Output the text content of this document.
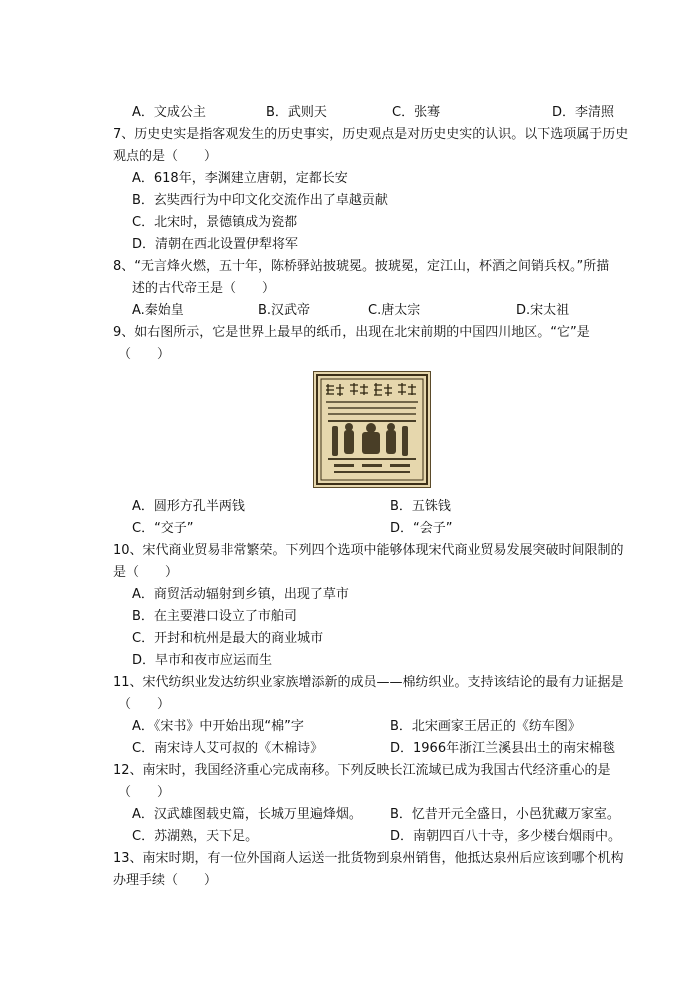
A．文成公主	B．武则天	C．张骞	D．李清照
7、历史史实是指客观发生的历史事实，历史观点是对历史史实的认识。以下选项属于历史
观点的是（　　）
A．618年，李渊建立唐朝，定都长安
B．玄奘西行为中印文化交流作出了卓越贡献
C．北宋时，景德镇成为瓷都
D．清朝在西北设置伊犁将军
8、“无言烽火燃，五十年，陈桥驿站披琥冕。披琥冕，定江山，杯酒之间销兵权。”所描
述的古代帝王是（　　）
A.秦始皇	B.汉武帝	C.唐太宗	D.宋太祖
9、如右图所示，它是世界上最早的纸币，出现在北宋前期的中国四川地区。“它”是
（　　）
A．圆形方孔半两钱	B．五铢钱
C．“交子”	D．“会子”
10、宋代商业贸易非常繁荣。下列四个选项中能够体现宋代商业贸易发展突破时间限制的
是（　　）
A．商贸活动辐射到乡镇，出现了草市
B．在主要港口设立了市舶司
C．开封和杭州是最大的商业城市
D．早市和夜市应运而生
11、宋代纺织业发达纺织业家族增添新的成员——棉纺织业。支持该结论的最有力证据是
（　　）
A．《宋书》中开始出现“棉”字	B．北宋画家王居正的《纺车图》
C．南宋诗人艾可叔的《木棉诗》	D．1966年浙江兰溪县出土的南宋棉毯
12、南宋时，我国经济重心完成南移。下列反映长江流域已成为我国古代经济重心的是
（　　）
A．汉武雄图载史篇，长城万里遍烽烟。 B．忆昔开元全盛日，小邑犹藏万家室。
C．苏湖熟，天下足。	D．南朝四百八十寺，多少楼台烟雨中。
13、南宋时期，有一位外国商人运送一批货物到泉州销售，他抵达泉州后应该到哪个机构
办理手续（　　）
